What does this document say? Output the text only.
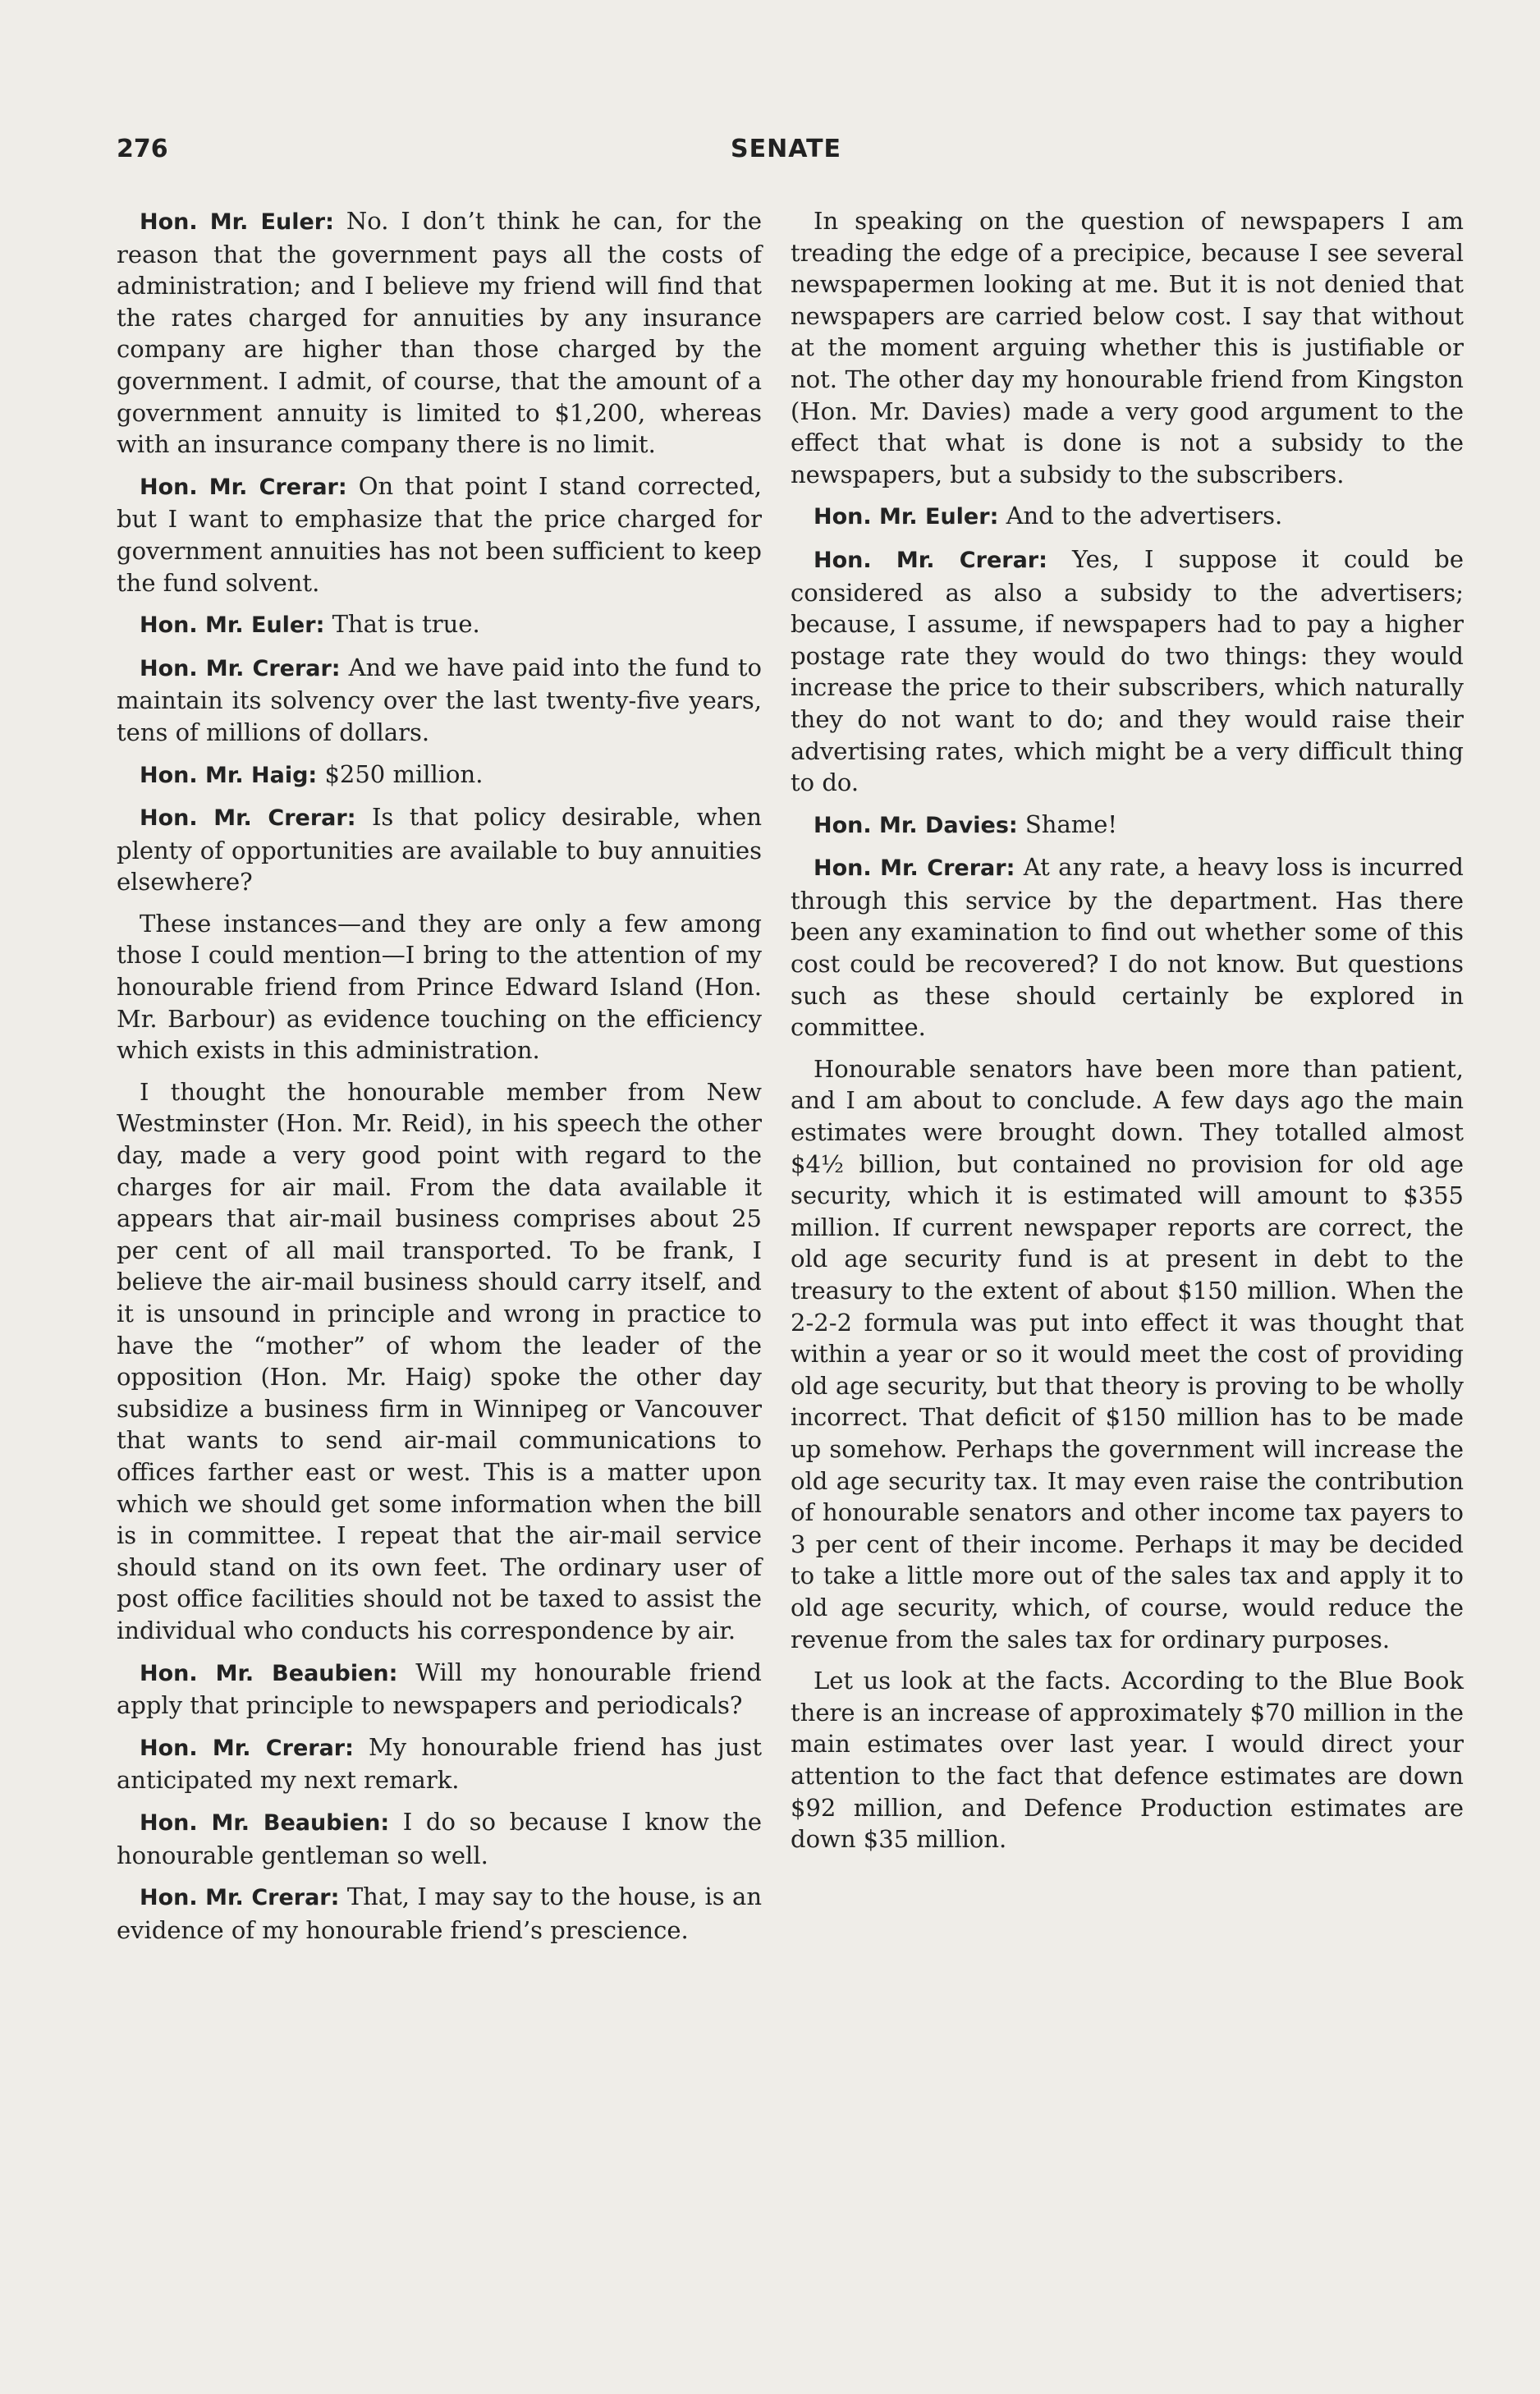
276	SENATE

Hon. Mr. Euler: No. I don’t think he can, for the reason that the government pays all the costs of administration; and I believe my friend will find that the rates charged for annuities by any insurance company are higher than those charged by the government. I admit, of course, that the amount of a government annuity is limited to $1,200, whereas with an insurance company there is no limit.

Hon. Mr. Crerar: On that point I stand corrected, but I want to emphasize that the price charged for government annuities has not been sufficient to keep the fund solvent.

Hon. Mr. Euler: That is true.

Hon. Mr. Crerar: And we have paid into the fund to maintain its solvency over the last twenty-five years, tens of millions of dollars.

Hon. Mr. Haig: $250 million.

Hon. Mr. Crerar: Is that policy desirable, when plenty of opportunities are available to buy annuities elsewhere?

These instances—and they are only a few among those I could mention—I bring to the attention of my honourable friend from Prince Edward Island (Hon. Mr. Barbour) as evidence touching on the efficiency which exists in this administration.

I thought the honourable member from New Westminster (Hon. Mr. Reid), in his speech the other day, made a very good point with regard to the charges for air mail. From the data available it appears that air-mail business comprises about 25 per cent of all mail transported. To be frank, I believe the air-mail business should carry itself, and it is unsound in principle and wrong in practice to have the “mother” of whom the leader of the opposition (Hon. Mr. Haig) spoke the other day subsidize a business firm in Winnipeg or Vancouver that wants to send air-mail communications to offices farther east or west. This is a matter upon which we should get some information when the bill is in committee. I repeat that the air-mail service should stand on its own feet. The ordinary user of post office facilities should not be taxed to assist the individual who conducts his correspondence by air.

Hon. Mr. Beaubien: Will my honourable friend apply that principle to newspapers and periodicals?

Hon. Mr. Crerar: My honourable friend has just anticipated my next remark.

Hon. Mr. Beaubien: I do so because I know the honourable gentleman so well.

Hon. Mr. Crerar: That, I may say to the house, is an evidence of my honourable friend’s prescience.

In speaking on the question of newspapers I am treading the edge of a precipice, because I see several newspapermen looking at me. But it is not denied that newspapers are carried below cost. I say that without at the moment arguing whether this is justifiable or not. The other day my honourable friend from Kingston (Hon. Mr. Davies) made a very good argument to the effect that what is done is not a subsidy to the newspapers, but a subsidy to the subscribers.

Hon. Mr. Euler: And to the advertisers.

Hon. Mr. Crerar: Yes, I suppose it could be considered as also a subsidy to the advertisers; because, I assume, if newspapers had to pay a higher postage rate they would do two things: they would increase the price to their subscribers, which naturally they do not want to do; and they would raise their advertising rates, which might be a very difficult thing to do.

Hon. Mr. Davies: Shame!

Hon. Mr. Crerar: At any rate, a heavy loss is incurred through this service by the department. Has there been any examination to find out whether some of this cost could be recovered? I do not know. But questions such as these should certainly be explored in committee.

Honourable senators have been more than patient, and I am about to conclude. A few days ago the main estimates were brought down. They totalled almost $4½ billion, but contained no provision for old age security, which it is estimated will amount to $355 million. If current newspaper reports are correct, the old age security fund is at present in debt to the treasury to the extent of about $150 million. When the 2-2-2 formula was put into effect it was thought that within a year or so it would meet the cost of providing old age security, but that theory is proving to be wholly incorrect. That deficit of $150 million has to be made up somehow. Perhaps the government will increase the old age security tax. It may even raise the contribution of honourable senators and other income tax payers to 3 per cent of their income. Perhaps it may be decided to take a little more out of the sales tax and apply it to old age security, which, of course, would reduce the revenue from the sales tax for ordinary purposes.

Let us look at the facts. According to the Blue Book there is an increase of approximately $70 million in the main estimates over last year. I would direct your attention to the fact that defence estimates are down $92 million, and Defence Production estimates are down $35 million.
